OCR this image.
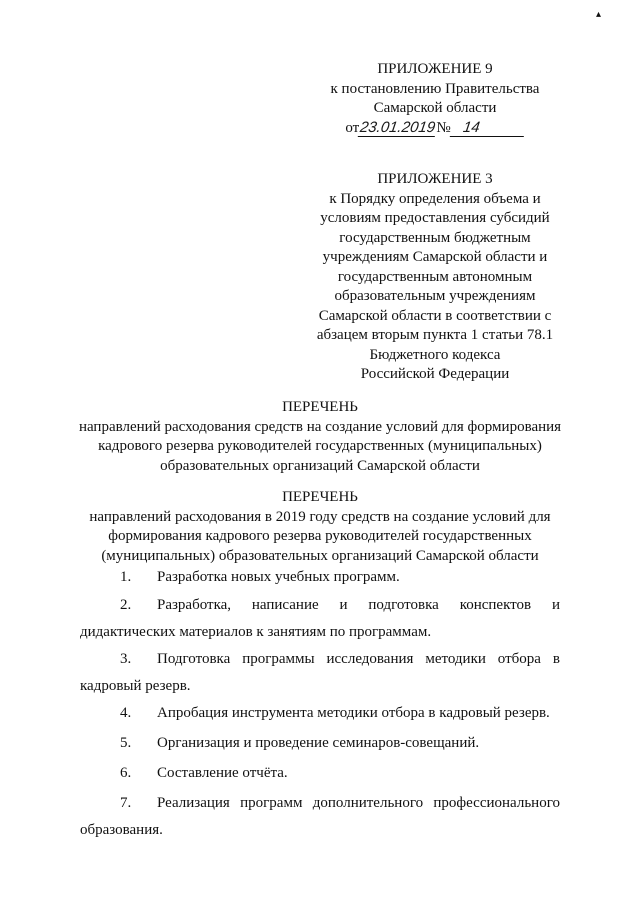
▴
ПРИЛОЖЕНИЕ 9
к постановлению Правительства
Самарской области
от23.01.2019№ 14
ПРИЛОЖЕНИЕ 3
к Порядку определения объема и
условиям предоставления субсидий
государственным бюджетным
учреждениям Самарской области и
государственным автономным
образовательным учреждениям
Самарской области в соответствии с
абзацем вторым пункта 1 статьи 78.1
Бюджетного кодекса
Российской Федерации
ПЕРЕЧЕНЬ
направлений расходования средств на создание условий для формирования
кадрового резерва руководителей государственных (муниципальных)
образовательных организаций Самарской области
ПЕРЕЧЕНЬ
направлений расходования в 2019 году средств на создание условий для
формирования кадрового резерва руководителей государственных
(муниципальных) образовательных организаций Самарской области
1. Разработка новых учебных программ.
2. Разработка, написание и подготовка конспектов и
дидактических материалов к занятиям по программам.
3. Подготовка программы исследования методики отбора в
кадровый резерв.
4. Апробация инструмента методики отбора в кадровый резерв.
5. Организация и проведение семинаров-совещаний.
6. Составление отчёта.
7. Реализация программ дополнительного профессионального
образования.
